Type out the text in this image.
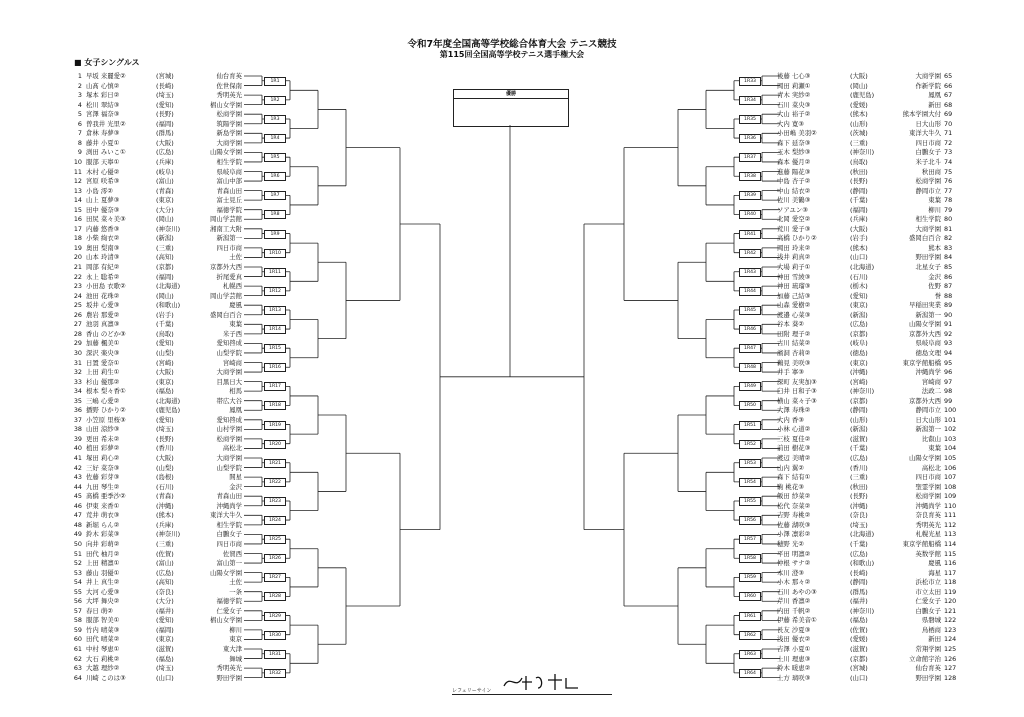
令和7年度全国高等学校総合体育大会 テニス競技
第115回全国高等学校テニス選手権大会
■ 女子シングルス
1 早坂 来麗愛②	(宮城)	仙台育英
2 山髙 心慎②	(長崎)	佐世保南
3 塚本 彩日②	(埼玉)	秀明英光
4 松川 翠結③	(愛知)	椙山女学園
5 宮澤 福奈③	(長野)	松商学園
6 曽我井 光里②	(福岡)	筑陽学園
7 倉林 寿夢③	(群馬)	新島学園
8 藤井 小夏①	(大阪)	大商学園
9 渕田 みいこ①	(広島)	山陽女学園
10 服部 天寧①	(兵庫)	相生学院
11 木村 心優②	(岐阜)	県岐阜商
12 宮原 咲希③	(富山)	富山中部
13 小島 澪②	(青森)	青森山田
14 山上 夏夢③	(東京)	富士見丘
15 田中 優奈③	(大分)	福徳学院
16 田尻 菜々美③	(岡山)	岡山学芸館
17 内藤 悠香③	(神奈川)	湘南工大附
18 小柴 絢衣②	(新潟)	新潟第一
19 奥田 梨南③	(三重)	四日市商
20 山本 玲清③	(高知)	土佐
21 岡部 有紀②	(京都)	京都外大西
22 永上 聡希②	(福岡)	折尾愛真
23 小田島 衣歌②	(北海道)	札幌西
24 池田 花珠②	(岡山)	岡山学芸館
25 坂井 心愛③	(和歌山)	慶風
26 農岩 那愛②	(岩手)	盛岡白百合
27 池羽 真凛③	(千葉)	東葉
28 香山 のどか③	(鳥取)	米子西
29 加藤 楓美①	(愛知)	愛知啓成
30 深沢 楽央③	(山梨)	山梨学院
31 日置 愛奈①	(宮崎)	宮崎商
32 上田 莉生①	(大阪)	大商学園
33 杉山 優那②	(東京)	目黒日大
34 根本 梨々香①	(福島)	相馬
35 三嶋 心愛②	(北海道)	帯広大谷
36 播野 ひかり②	(鹿児島)	鳳凰
37 小笠原 里桜③	(愛知)	愛知啓成
38 山田 涼紗③	(埼玉)	山村学園
39 更田 希未②	(長野)	松商学園
40 植田 彩夢②	(香川)	高松北
41 塚田 莉心②	(大阪)	大商学園
42 三好 菜奈③	(山梨)	山梨学院
43 佐藤 彩芽③	(島根)	開星
44 九田 琴生②	(石川)	金沢
45 髙橋 亜季沙②	(青森)	青森山田
46 伊東 来香①	(沖縄)	沖縄尚学
47 荒井 萌衣③	(熊本)	東洋大牛久
48 新堀 らん②	(兵庫)	相生学院
49 鈴木 彩菜③	(神奈川)	白鵬女子
50 向井 彩萌②	(三重)	四日市商
51 田代 柚月②	(佐賀)	佐賀西
52 上田 精凛①	(富山)	富山第一
53 藤山 羽優①	(広島)	山陽女学園
54 井上 真生②	(高知)	土佐
55 大河 心愛③	(奈良)	一条
56 大坪 舞央②	(大分)	福徳学院
57 春日 萌②	(福井)	仁愛女子
58 服部 智美①	(愛知)	椙山女学園
59 竹内 晴菜③	(福岡)	柳川
60 田代 晴菜②	(東京)	東京
61 中村 琴恵①	(滋賀)	東大津
62 大石 莉桃②	(福島)	舞城
63 大越 理紗②	(埼玉)	秀明英光
64 川崎 このは③	(山口)	野田学園
後藤 七心③	(大阪)	大商学園 65
岡田 莉瀬①	(岡山)	作新学院 66
青木 実紗②	(鹿児島)	鳳凰 67
石川 菜央③	(愛媛)	新田 68
大山 裕子②	(熊本)	熊本学園大付 69
大内 寛③	(山形)	日大山形 70
小田嶋 美羽②	(茨城)	東洋大牛久 71
森下 延奈③	(三重)	四日市商 72
玉木 梨紗③	(神奈川)	白鵬女子 73
森本 優月②	(鳥取)	米子北斗 74
進藤 陽花③	(秋田)	秋田商 75
中島 杏子②	(長野)	松商学園 76
中山 結衣②	(静岡)	静岡市立 77
佐川 美鶴③	(千葉)	東葉 78
ソアユン③	(福岡)	柳川 79
北岡 愛空②	(兵庫)	相生学院 80
荒川 愛子③	(大阪)	大商学園 81
高橋 ひかり②	(岩手)	盛岡白百合 82
岡田 玲来②	(熊本)	熊本 83
浅井 莉真②	(山口)	野田学園 84
大場 莉子①	(北海道)	北星女子 85
神田 雪綾③	(石川)	金沢 86
神田 琉瑠③	(栃木)	佐野 87
加藤 己結③	(愛知)	誉 88
山森 愛樹②	(東京)	早稲田実業 89
渡邉 心菜③	(新潟)	新潟第一 90
谷本 葵②	(広島)	山陽女学園 91
田附 理子②	(京都)	京都外大西 92
古川 結菜②	(岐阜)	県岐阜商 93
濱洞 杏莉②	(徳島)	徳島文理 94
鵜見 美咲③	(東京)	東京学館船橋 95
井手 寧③	(沖縄)	沖縄尚学 96
深町 友実加③	(宮崎)	宮崎商 97
臼井 日和子③	(神奈川)	法政二 98
横山 菜々子③	(京都)	京都外大西 99
大澤 寿珠②	(静岡)	静岡市立 100
大内 香③	(山形)	日大山形 101
小林 心道②	(新潟)	新潟第一 102
三枝 夏佳②	(滋賀)	比叡山 103
前田 樹花③	(千葉)	東葉 104
渡辺 美晴②	(広島)	山陽女学園 105
山内 翼②	(香川)	高松北 106
森下 結有①	(三重)	四日市商 107
駒 桃花③	(秋田)	聖霊学園 108
飯田 紗菜②	(長野)	松商学園 109
松代 奈菜②	(沖縄)	沖縄尚学 110
吉野 寿桃②	(奈良)	奈良育英 111
佐藤 湖咲③	(埼玉)	秀明英光 112
小澤 凛彩②	(北海道)	札幌光星 113
穂野 光②	(千葉)	東京学館船橋 114
平田 明凛②	(広島)	英数学館 115
仲根 サナ②	(和歌山)	慶風 116
本川 澄③	(長崎)	海星 117
小木 那々②	(静岡)	浜松市立 118
石川 あやの③	(群馬)	市立太田 119
芹川 香凛②	(福井)	仁愛女子 120
内田 千帆②	(神奈川)	白鵬女子 121
伊藤 希美音①	(福島)	県磐城 122
長友 沙夏③	(佐賀)	鳥栖商 123
浅田 優衣②	(愛媛)	新田 124
吉澤 小夏①	(滋賀)	常翔学園 125
上川 理恵③	(京都)	立命館宇治 126
鈴木 暖恵②	(宮城)	仙台育英 127
上方 璃咲③	(山口)	野田学園 128
優勝
レフェリーサイン
1R1
1R2
1R3
1R4
1R5
1R6
1R7
1R8
1R9
1R10
1R11
1R12
1R13
1R14
1R15
1R16
1R17
1R18
1R19
1R20
1R21
1R22
1R23
1R24
1R25
1R26
1R27
1R28
1R29
1R30
1R31
1R32
1R33
1R34
1R35
1R36
1R37
1R38
1R39
1R40
1R41
1R42
1R43
1R44
1R45
1R46
1R47
1R48
1R49
1R50
1R51
1R52
1R53
1R54
1R55
1R56
1R57
1R58
1R59
1R60
1R61
1R62
1R63
1R64
